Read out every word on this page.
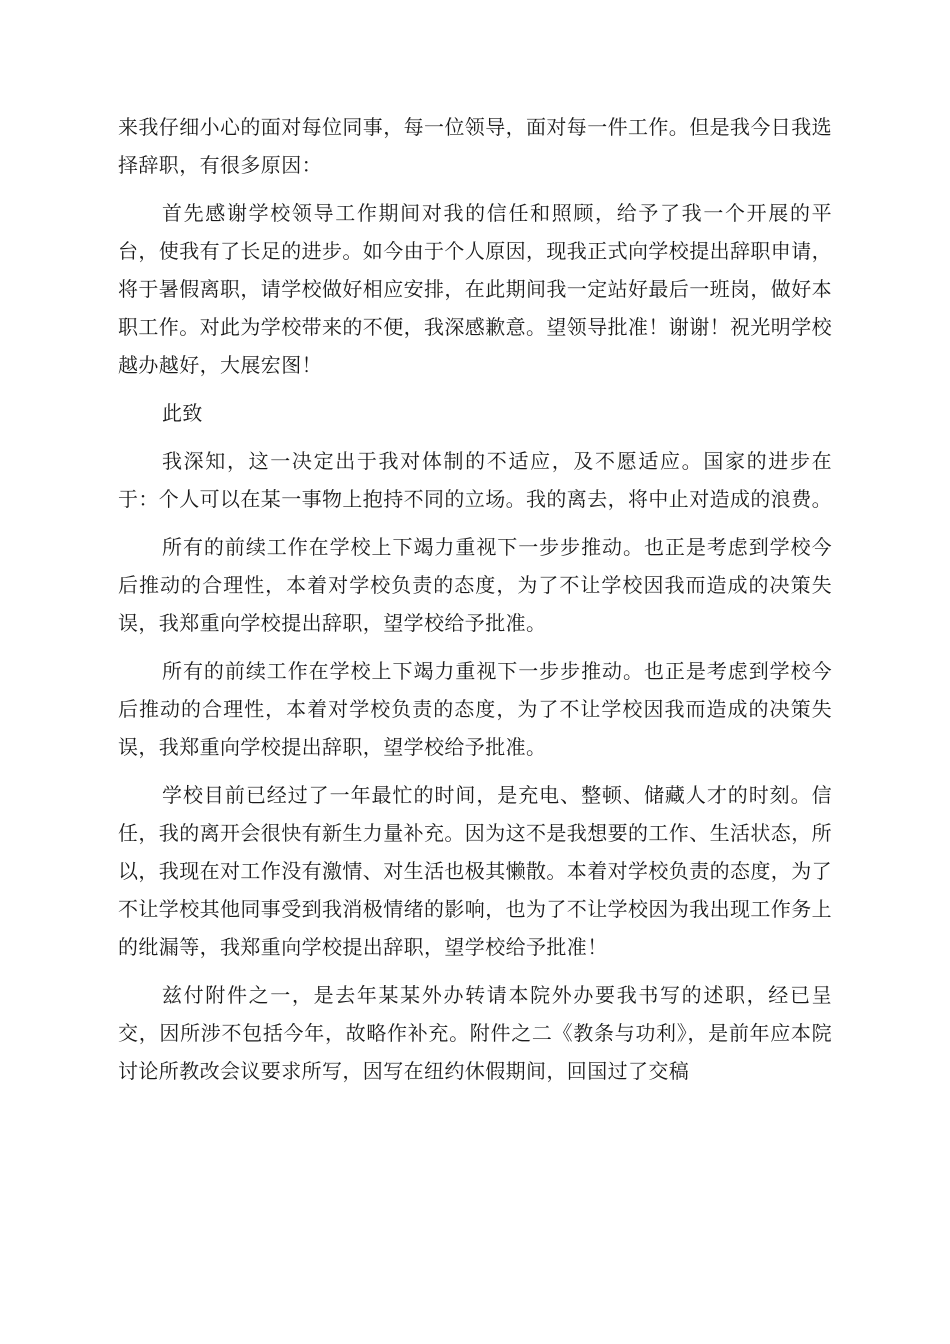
来我仔细小心的面对每位同事，每一位领导，面对每一件工作。但是我今日我选择辞职，有很多原因：

首先感谢学校领导工作期间对我的信任和照顾，给予了我一个开展的平台，使我有了长足的进步。如今由于个人原因，现我正式向学校提出辞职申请，将于暑假离职，请学校做好相应安排，在此期间我一定站好最后一班岗，做好本职工作。对此为学校带来的不便，我深感歉意。望领导批准！谢谢！祝光明学校越办越好，大展宏图！

此致

我深知，这一决定出于我对体制的不适应，及不愿适应。国家的进步在于：个人可以在某一事物上抱持不同的立场。我的离去，将中止对造成的浪费。

所有的前续工作在学校上下竭力重视下一步步推动。也正是考虑到学校今后推动的合理性，本着对学校负责的态度，为了不让学校因我而造成的决策失误，我郑重向学校提出辞职，望学校给予批准。

所有的前续工作在学校上下竭力重视下一步步推动。也正是考虑到学校今后推动的合理性，本着对学校负责的态度，为了不让学校因我而造成的决策失误，我郑重向学校提出辞职，望学校给予批准。

学校目前已经过了一年最忙的时间，是充电、整顿、储藏人才的时刻。信任，我的离开会很快有新生力量补充。因为这不是我想要的工作、生活状态，所以，我现在对工作没有激情、对生活也极其懒散。本着对学校负责的态度，为了不让学校其他同事受到我消极情绪的影响，也为了不让学校因为我出现工作务上的纰漏等，我郑重向学校提出辞职，望学校给予批准！

兹付附件之一，是去年某某外办转请本院外办要我书写的述职，经已呈交，因所涉不包括今年，故略作补充。附件之二《教条与功利》，是前年应本院讨论所教改会议要求所写，因写在纽约休假期间，回国过了交稿
